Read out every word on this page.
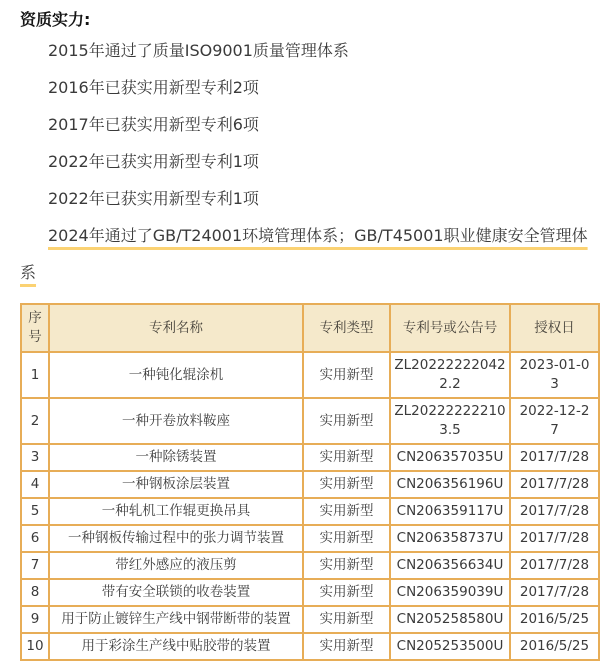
资质实力:

2015年通过了质量ISO9001质量管理体系

2016年已获实用新型专利2项

2017年已获实用新型专利6项

2022年已获实用新型专利1项

2022年已获实用新型专利1项

2024年通过了GB/T24001环境管理体系；GB/T45001职业健康安全管理体系

序号	专利名称	专利类型	专利号或公告号	授权日
1	一种钝化辊涂机	实用新型	ZL202222220422.2	2023-01-03
2	一种开卷放料鞍座	实用新型	ZL202222222103.5	2022-12-27
3	一种除锈装置	实用新型	CN206357035U	2017/7/28
4	一种钢板涂层装置	实用新型	CN206356196U	2017/7/28
5	一种轧机工作辊更换吊具	实用新型	CN206359117U	2017/7/28
6	一种钢板传输过程中的张力调节装置	实用新型	CN206358737U	2017/7/28
7	带红外感应的液压剪	实用新型	CN206356634U	2017/7/28
8	带有安全联锁的收卷装置	实用新型	CN206359039U	2017/7/28
9	用于防止镀锌生产线中钢带断带的装置	实用新型	CN205258580U	2016/5/25
10	用于彩涂生产线中贴胶带的装置	实用新型	CN205253500U	2016/5/25
